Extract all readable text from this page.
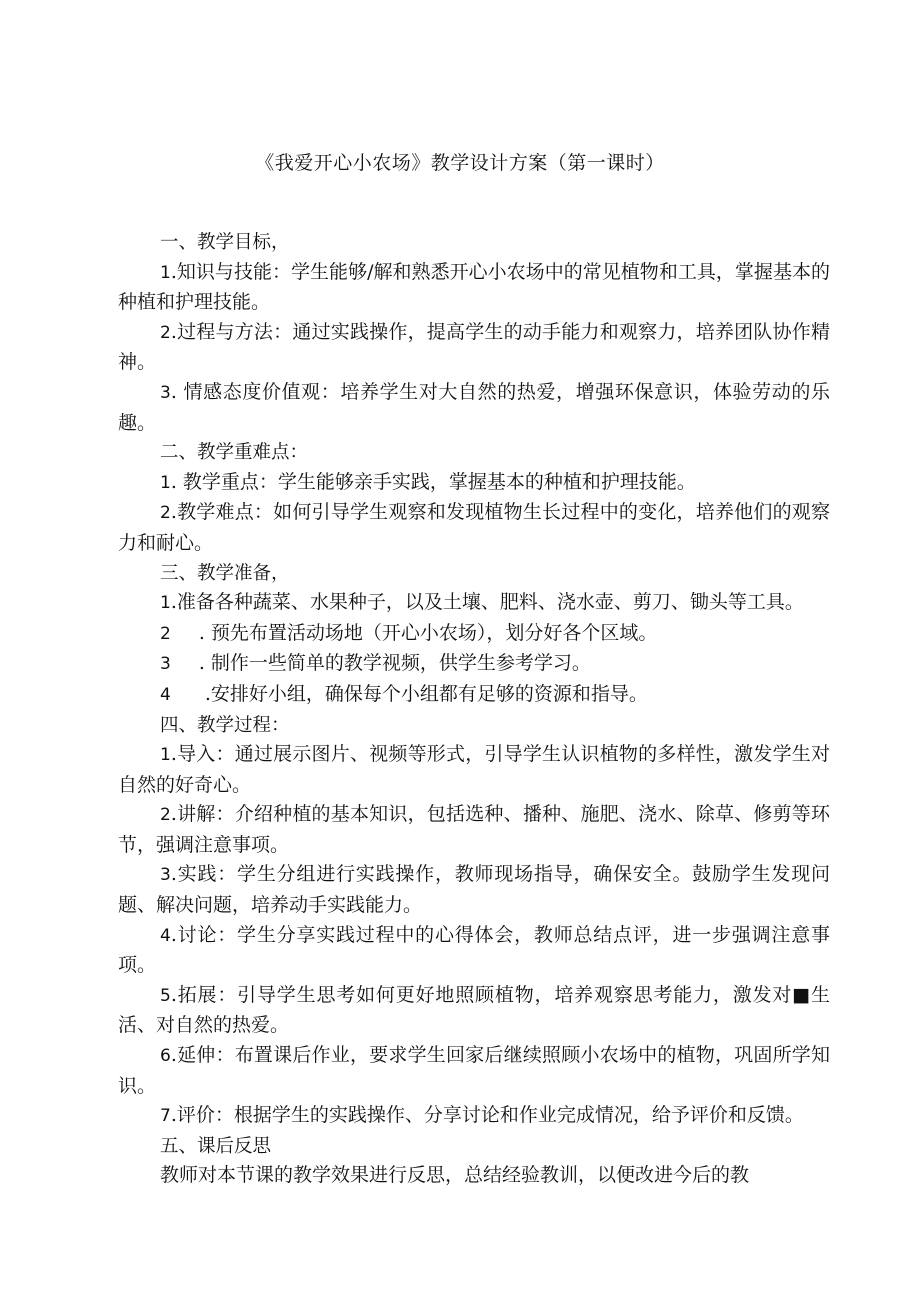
《我爱开心小农场》教学设计方案（第一课时）

一、教学目标，

1.知识与技能：学生能够/解和熟悉开心小农场中的常见植物和工具，掌握基本的种植和护理技能。

2.过程与方法：通过实践操作，提高学生的动手能力和观察力，培养团队协作精神。

3. 情感态度价值观：培养学生对大自然的热爱，增强环保意识，体验劳动的乐趣。

二、教学重难点：

1. 教学重点：学生能够亲手实践，掌握基本的种植和护理技能。

2.教学难点：如何引导学生观察和发现植物生长过程中的变化，培养他们的观察力和耐心。

三、教学准备，

1.准备各种蔬菜、水果种子，以及土壤、肥料、浇水壶、剪刀、锄头等工具。

2 . 预先布置活动场地（开心小农场），划分好各个区域。

3 . 制作一些简单的教学视频，供学生参考学习。

4 .安排好小组，确保每个小组都有足够的资源和指导。

四、教学过程：

1.导入：通过展示图片、视频等形式，引导学生认识植物的多样性，激发学生对自然的好奇心。

2.讲解：介绍种植的基本知识，包括选种、播种、施肥、浇水、除草、修剪等环节，强调注意事项。

3.实践：学生分组进行实践操作，教师现场指导，确保安全。鼓励学生发现问题、解决问题，培养动手实践能力。

4.讨论：学生分享实践过程中的心得体会，教师总结点评，进一步强调注意事项。

5.拓展：引导学生思考如何更好地照顾植物，培养观察思考能力，激发对■生活、对自然的热爱。

6.延伸：布置课后作业，要求学生回家后继续照顾小农场中的植物，巩固所学知识。

7.评价：根据学生的实践操作、分享讨论和作业完成情况，给予评价和反馈。

五、课后反思

教师对本节课的教学效果进行反思，总结经验教训，以便改进今后的教
